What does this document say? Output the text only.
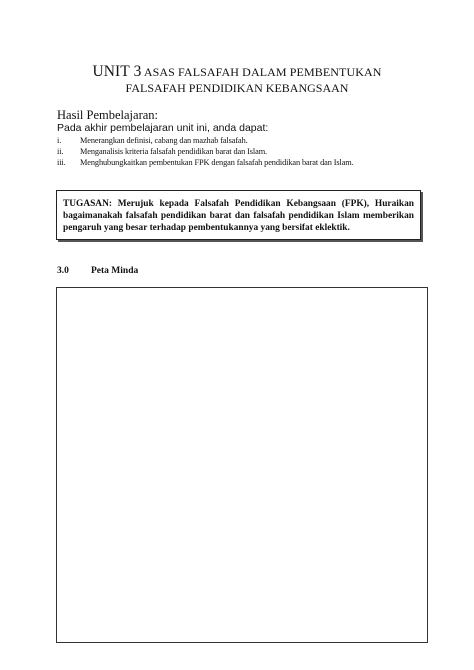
UNIT 3 ASAS FALSAFAH DALAM PEMBENTUKAN
FALSAFAH PENDIDIKAN KEBANGSAAN
Hasil Pembelajaran:
Pada akhir pembelajaran unit ini, anda dapat:
i.	Menerangkan definisi, cabang dan mazhab falsafah.
ii.	Menganalisis kriteria falsafah pendidikan barat dan Islam.
iii.	Menghubungkaitkan pembentukan FPK dengan falsafah pendidikan barat dan Islam.
TUGASAN: Merujuk kepada Falsafah Pendidikan Kebangsaan (FPK), Huraikan bagaimanakah falsafah pendidikan barat dan falsafah pendidikan Islam memberikan pengaruh yang besar terhadap pembentukannya yang bersifat eklektik.
3.0	Peta Minda
